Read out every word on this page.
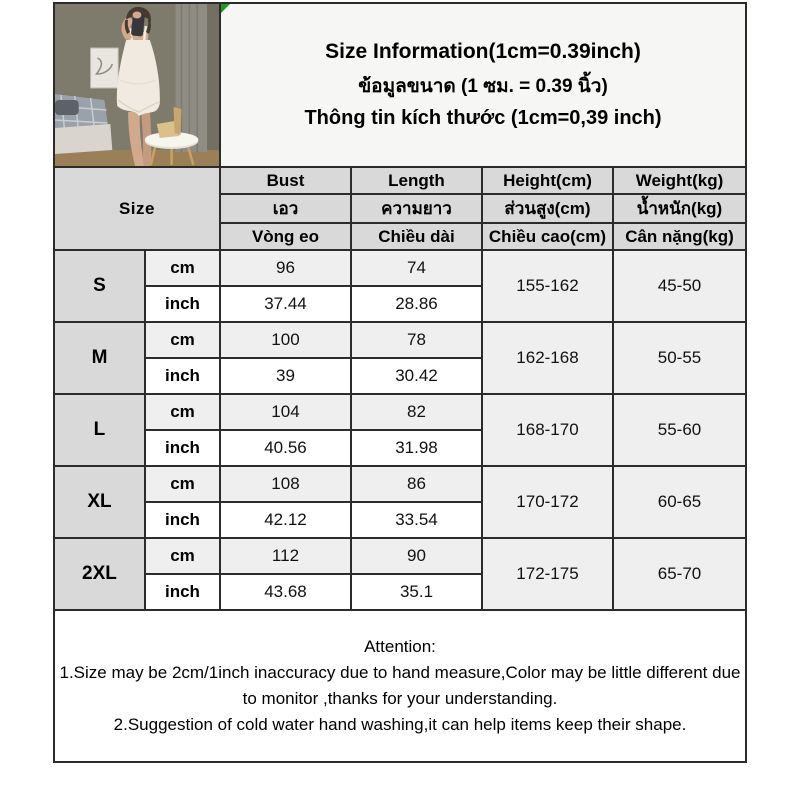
Size Information(1cm=0.39inch)
ข้อมูลขนาด (1 ซม. = 0.39 นิ้ว)
Thông tin kích thước (1cm=0,39 inch)			

Size		Bust	Length	Height(cm)	Weight(kg)
		เอว	ความยาว	ส่วนสูง(cm)	น้ำหนัก(kg)
		Vòng eo	Chiều dài	Chiều cao(cm)	Cân nặng(kg)
S	cm	96	74	155-162	45-50
	inch	37.44	28.86		
M	cm	100	78	162-168	50-55
	inch	39	30.42		
L	cm	104	82	168-170	55-60
	inch	40.56	31.98		
XL	cm	108	86	170-172	60-65
	inch	42.12	33.54		
2XL	cm	112	90	172-175	65-70
	inch	43.68	35.1		

Attention:
1.Size may be 2cm/1inch inaccuracy due to hand measure,Color may be little different due to monitor ,thanks for your understanding.
2.Suggestion of cold water hand washing,it can help items keep their shape.					
